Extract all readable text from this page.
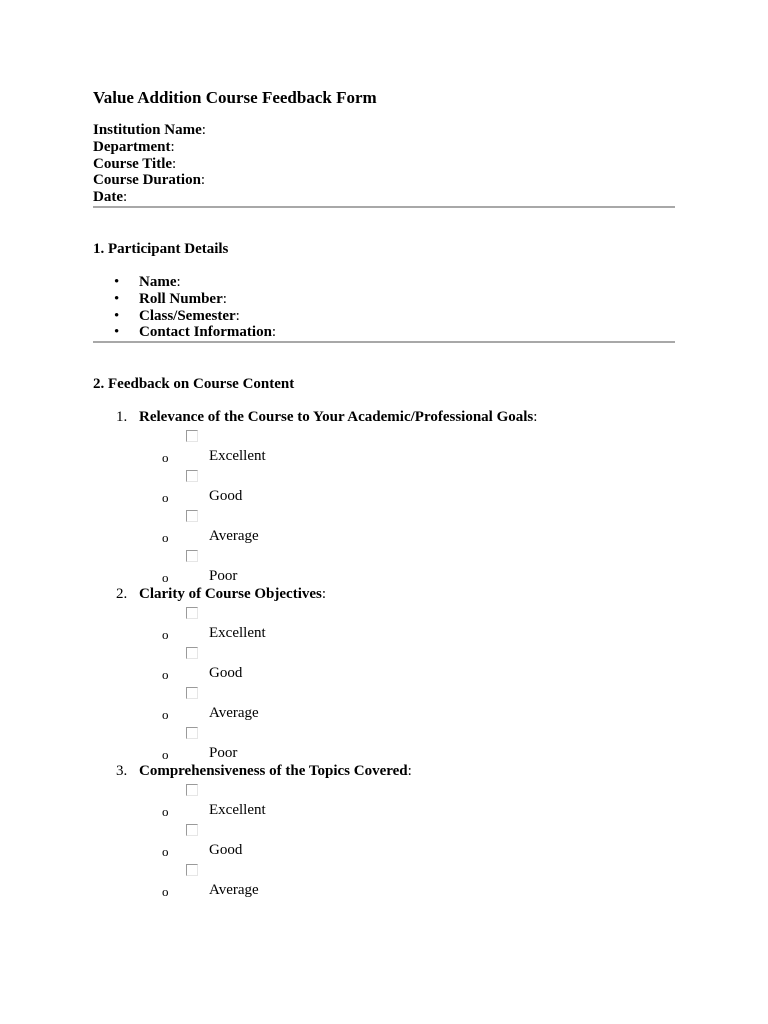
Value Addition Course Feedback Form
Institution Name:
Department:
Course Title:
Course Duration:
Date:
1. Participant Details
• Name:
• Roll Number:
• Class/Semester:
• Contact Information:
2. Feedback on Course Content
1. Relevance of the Course to Your Academic/Professional Goals:
o	Excellent
o	Good
o	Average
o	Poor
2. Clarity of Course Objectives:
o	Excellent
o	Good
o	Average
o	Poor
3. Comprehensiveness of the Topics Covered:
o	Excellent
o	Good
o	Average
